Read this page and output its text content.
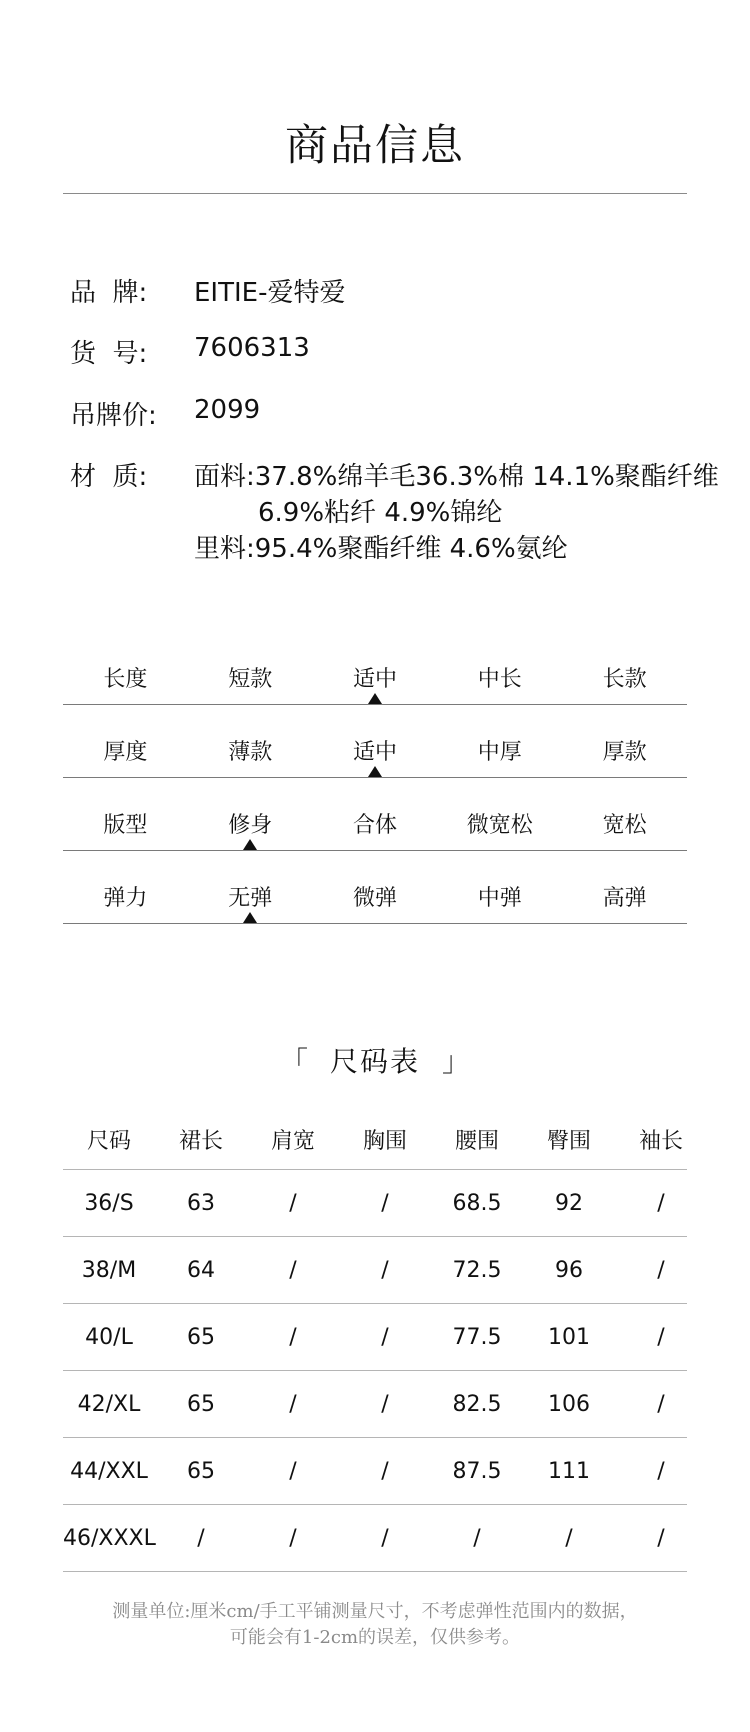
商品信息
品  牌: EITIE-爱特爱
货  号: 7606313
吊牌价: 2099
材  质: 面料:37.8%绵羊毛36.3%棉 14.1%聚酯纤维
6.9%粘纤 4.9%锦纶
里料:95.4%聚酯纤维 4.6%氨纶
长度	短款	适中	中长	长款
厚度	薄款	适中	中厚	厚款
版型	修身	合体	微宽松	宽松
弹力	无弹	微弹	中弹	高弹
「 尺码表 」
尺码	裙长	肩宽	胸围	腰围	臀围	袖长
36/S	63	/	/	68.5	92	/
38/M	64	/	/	72.5	96	/
40/L	65	/	/	77.5	101	/
42/XL	65	/	/	82.5	106	/
44/XXL	65	/	/	87.5	111	/
46/XXXL	/	/	/	/	/	/
测量单位:厘米cm/手工平铺测量尺寸，不考虑弹性范围内的数据，
可能会有1-2cm的误差，仅供参考。
